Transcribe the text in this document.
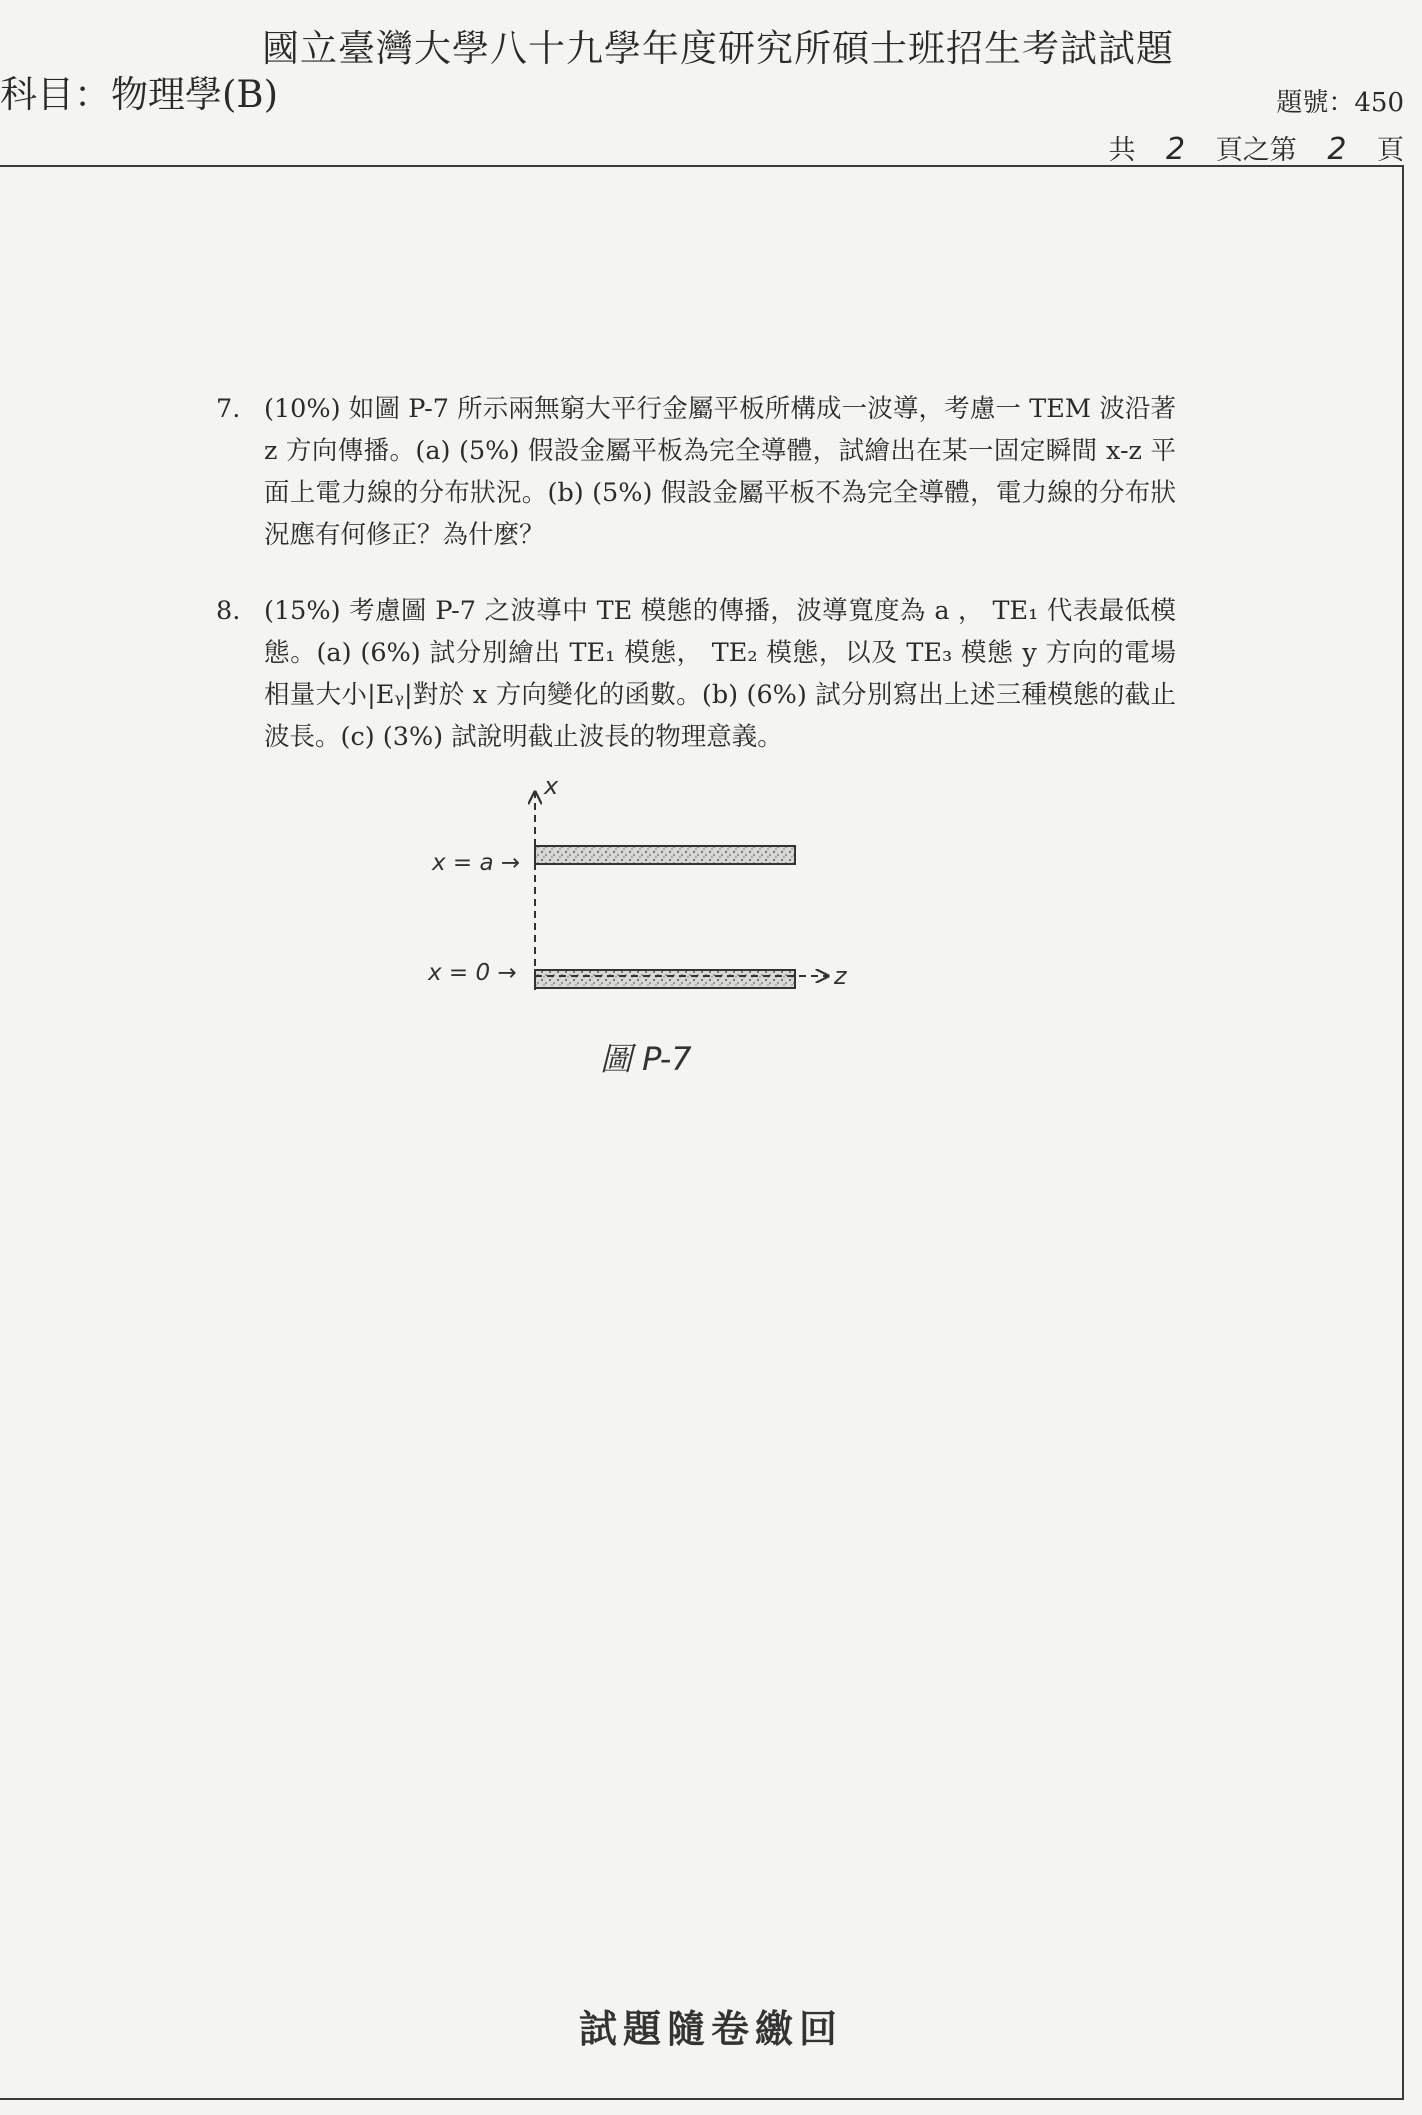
國立臺灣大學八十九學年度研究所碩士班招生考試試題
科目：物理學(B)	題號：450
共 2 頁之第 2 頁
7. (10%) 如圖 P-7 所示兩無窮大平行金屬平板所構成一波導，考慮一 TEM 波沿著 z 方向傳播。(a) (5%) 假設金屬平板為完全導體，試繪出在某一固定瞬間 x-z 平面上電力線的分布狀況。(b) (5%) 假設金屬平板不為完全導體，電力線的分布狀況應有何修正？為什麼？
8. (15%) 考慮圖 P-7 之波導中 TE 模態的傳播，波導寬度為 a ， TE₁ 代表最低模態。(a) (6%) 試分別繪出 TE₁ 模態， TE₂ 模態，以及 TE₃ 模態 y 方向的電場相量大小|Eᵧ|對於 x 方向變化的函數。(b) (6%) 試分別寫出上述三種模態的截止波長。(c) (3%) 試說明截止波長的物理意義。
x
x = a →
x = 0 →	z
圖 P-7
試題隨卷繳回
